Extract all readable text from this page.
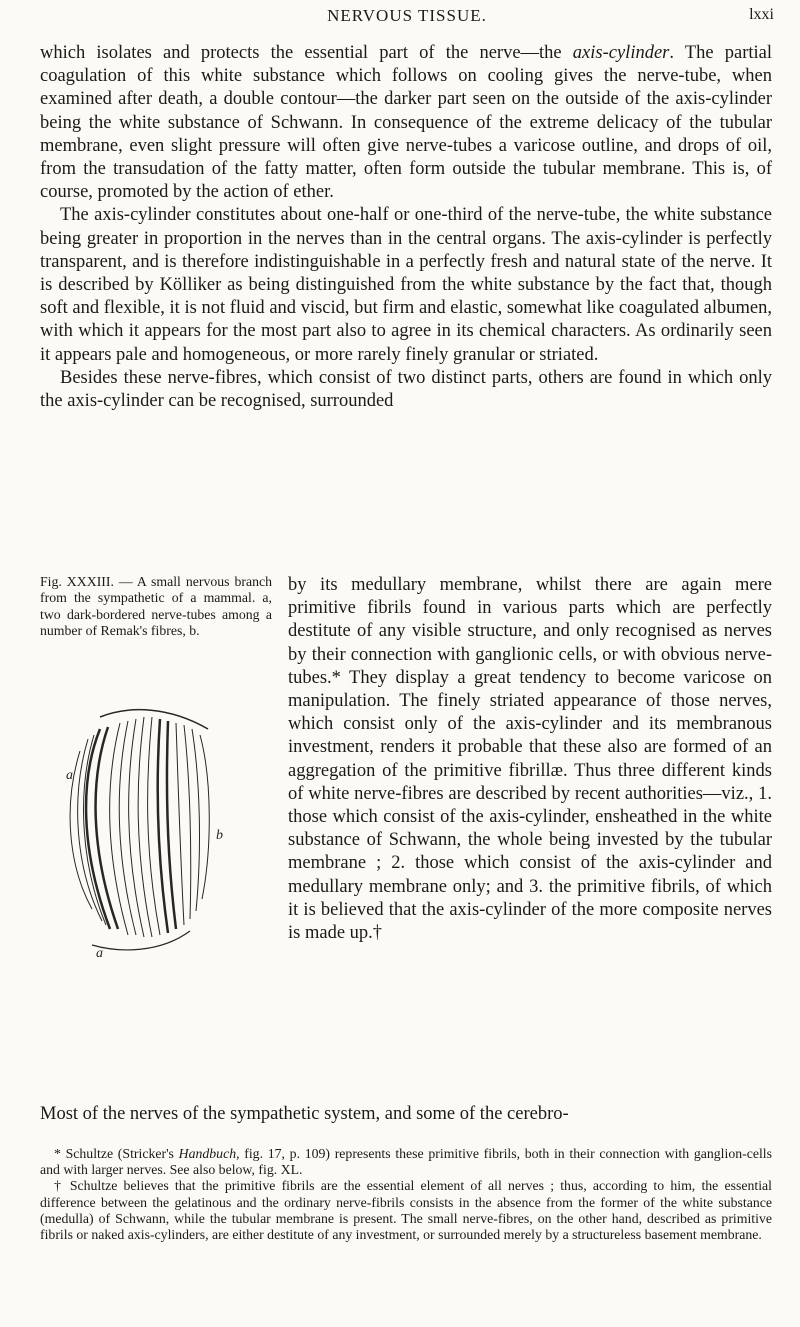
NERVOUS TISSUE.	lxxi

which isolates and protects the essential part of the nerve—the axis-cylinder. The partial coagulation of this white substance which follows on cooling gives the nerve-tube, when examined after death, a double contour—the darker part seen on the outside of the axis-cylinder being the white substance of Schwann. In consequence of the extreme delicacy of the tubular membrane, even slight pressure will often give nerve-tubes a varicose outline, and drops of oil, from the transudation of the fatty matter, often form outside the tubular membrane. This is, of course, promoted by the action of ether.

The axis-cylinder constitutes about one-half or one-third of the nerve-tube, the white substance being greater in proportion in the nerves than in the central organs. The axis-cylinder is perfectly transparent, and is therefore indistinguishable in a perfectly fresh and natural state of the nerve. It is described by Kölliker as being distinguished from the white substance by the fact that, though soft and flexible, it is not fluid and viscid, but firm and elastic, somewhat like coagulated albumen, with which it appears for the most part also to agree in its chemical characters. As ordinarily seen it appears pale and homogeneous, or more rarely finely granular or striated.

Besides these nerve-fibres, which consist of two distinct parts, others are found in which only the axis-cylinder can be recognised, surrounded

Fig. XXXIII. — A small nervous branch from the sympathetic of a mammal. a, two dark-bordered nerve-tubes among a number of Remak's fibres, b.

a
b
a

by its medullary membrane, whilst there are again mere primitive fibrils found in various parts which are perfectly destitute of any visible structure, and only recognised as nerves by their connection with ganglionic cells, or with obvious nerve-tubes.* They display a great tendency to become varicose on manipulation. The finely striated appearance of those nerves, which consist only of the axis-cylinder and its membranous investment, renders it probable that these also are formed of an aggregation of the primitive fibrillæ. Thus three different kinds of white nerve-fibres are described by recent authorities—viz., 1. those which consist of the axis-cylinder, ensheathed in the white substance of Schwann, the whole being invested by the tubular membrane ; 2. those which consist of the axis-cylinder and medullary membrane only; and 3. the primitive fibrils, of which it is believed that the axis-cylinder of the more composite nerves is made up.†

Most of the nerves of the sympathetic system, and some of the cerebro-

* Schultze (Stricker's Handbuch, fig. 17, p. 109) represents these primitive fibrils, both in their connection with ganglion-cells and with larger nerves. See also below, fig. XL.

† Schultze believes that the primitive fibrils are the essential element of all nerves ; thus, according to him, the essential difference between the gelatinous and the ordinary nerve-fibrils consists in the absence from the former of the white substance (medulla) of Schwann, while the tubular membrane is present. The small nerve-fibres, on the other hand, described as primitive fibrils or naked axis-cylinders, are either destitute of any investment, or surrounded merely by a structureless basement membrane.
